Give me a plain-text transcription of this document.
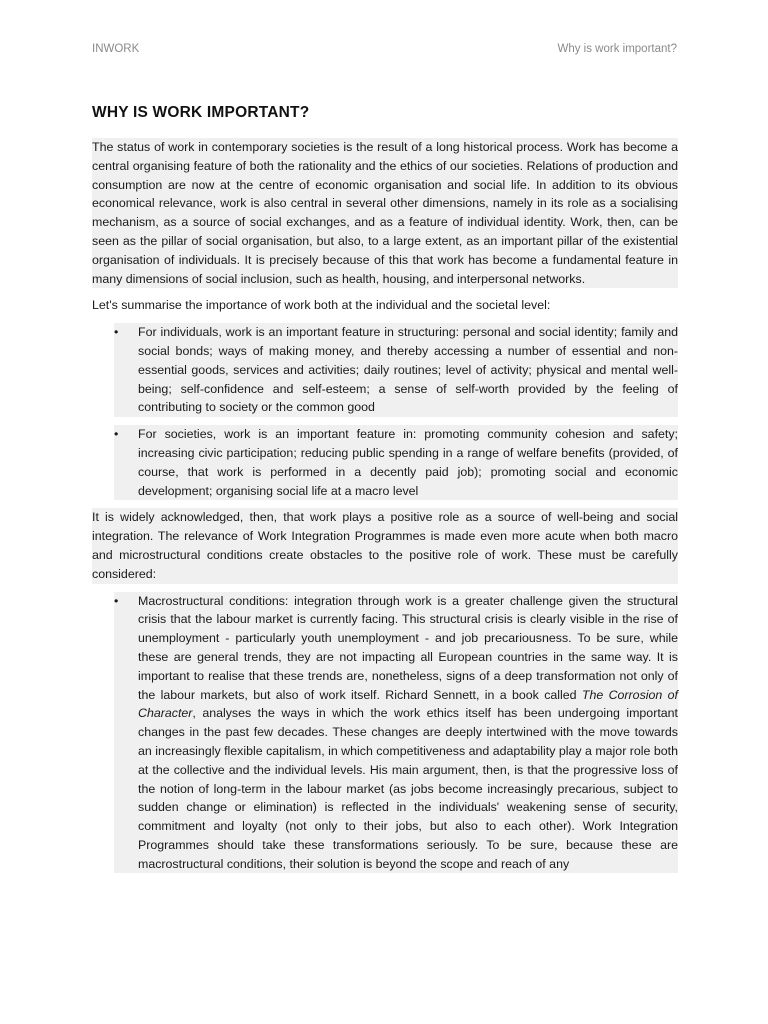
INWORK	Why is work important?
WHY IS WORK IMPORTANT?

The status of work in contemporary societies is the result of a long historical process. Work has become a central organising feature of both the rationality and the ethics of our societies. Relations of production and consumption are now at the centre of economic organisation and social life. In addition to its obvious economical relevance, work is also central in several other dimensions, namely in its role as a socialising mechanism, as a source of social exchanges, and as a feature of individual identity. Work, then, can be seen as the pillar of social organisation, but also, to a large extent, as an important pillar of the existential organisation of individuals. It is precisely because of this that work has become a fundamental feature in many dimensions of social inclusion, such as health, housing, and interpersonal networks.

Let's summarise the importance of work both at the individual and the societal level:

• For individuals, work is an important feature in structuring: personal and social identity; family and social bonds; ways of making money, and thereby accessing a number of essential and non-essential goods, services and activities; daily routines; level of activity; physical and mental well-being; self-confidence and self-esteem; a sense of self-worth provided by the feeling of contributing to society or the common good
• For societies, work is an important feature in: promoting community cohesion and safety; increasing civic participation; reducing public spending in a range of welfare benefits (provided, of course, that work is performed in a decently paid job); promoting social and economic development; organising social life at a macro level

It is widely acknowledged, then, that work plays a positive role as a source of well-being and social integration. The relevance of Work Integration Programmes is made even more acute when both macro and microstructural conditions create obstacles to the positive role of work. These must be carefully considered:

• Macrostructural conditions: integration through work is a greater challenge given the structural crisis that the labour market is currently facing. This structural crisis is clearly visible in the rise of unemployment - particularly youth unemployment - and job precariousness. To be sure, while these are general trends, they are not impacting all European countries in the same way. It is important to realise that these trends are, nonetheless, signs of a deep transformation not only of the labour markets, but also of work itself. Richard Sennett, in a book called The Corrosion of Character, analyses the ways in which the work ethics itself has been undergoing important changes in the past few decades. These changes are deeply intertwined with the move towards an increasingly flexible capitalism, in which competitiveness and adaptability play a major role both at the collective and the individual levels. His main argument, then, is that the progressive loss of the notion of long-term in the labour market (as jobs become increasingly precarious, subject to sudden change or elimination) is reflected in the individuals' weakening sense of security, commitment and loyalty (not only to their jobs, but also to each other). Work Integration Programmes should take these transformations seriously. To be sure, because these are macrostructural conditions, their solution is beyond the scope and reach of any
